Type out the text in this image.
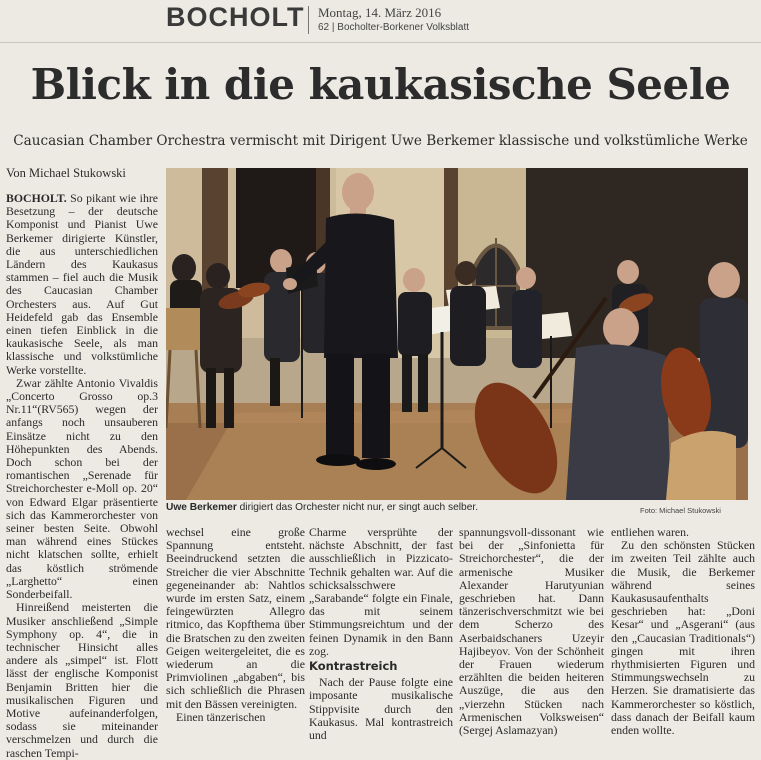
BOCHOLT Montag, 14. März 2016
62 | Bocholter-Borkener Volksblatt
Blick in die kaukasische Seele
Caucasian Chamber Orchestra vermischt mit Dirigent Uwe Berkemer klassische und volkstümliche Werke
Von Michael Stukowski

BOCHOLT. So pikant wie ihre Besetzung – der deutsche Komponist und Pianist Uwe Berkemer dirigierte Künstler, die aus unterschiedlichen Ländern des Kaukasus stammen – fiel auch die Musik des Caucasian Chamber Orchesters aus. Auf Gut Heidefeld gab das Ensemble einen tiefen Einblick in die kaukasische Seele, als man klassische und volkstümliche Werke vorstellte.

Zwar zählte Antonio Vivaldis „Concerto Grosso op.3 Nr.11“(RV565) wegen der anfangs noch unsauberen Einsätze nicht zu den Höhepunkten des Abends. Doch schon bei der romantischen „Serenade für Streichorchester e-Moll op. 20“ von Edward Elgar präsentierte sich das Kammerorchester von seiner besten Seite. Obwohl man während eines Stückes nicht klatschen sollte, erhielt das köstlich strömende „Larghetto“ einen Sonderbeifall.

Hinreißend meisterten die Musiker anschließend „Simple Symphony op. 4“, die in technischer Hinsicht alles andere als „simpel“ ist. Flott lässt der englische Komponist Benjamin Britten hier die musikalischen Figuren und Motive aufeinanderfolgen, sodass sie miteinander verschmelzen und durch die raschen Tempi-

Uwe Berkemer dirigiert das Orchester nicht nur, er singt auch selber.	Foto: Michael Stukowski

wechsel eine große Spannung entsteht. Beeindruckend setzten die Streicher die vier Abschnitte gegeneinander ab: Nahtlos wurde im ersten Satz, einem feingewürzten Allegro ritmico, das Kopfthema über die Bratschen zu den zweiten Geigen weitergeleitet, die es wiederum an die Primviolinen „abgaben“, bis sich schließlich die Phrasen mit den Bässen vereinigten.

Einen tänzerischen

Charme versprühte der nächste Abschnitt, der fast ausschließlich in Pizzicato-Technik gehalten war. Auf die schicksalsschwere „Sarabande“ folgte ein Finale, das mit seinem Stimmungsreichtum und der feinen Dynamik in den Bann zog.

Kontrastreich

Nach der Pause folgte eine imposante musikalische Stippvisite durch den Kaukasus. Mal kontrastreich und

spannungsvoll-dissonant wie bei der „Sinfonietta für Streichorchester“, die der armenische Musiker Alexander Harutyunian geschrieben hat. Dann tänzerischverschmitzt wie bei dem Scherzo des Aserbaidschaners Uzeyir Hajibeyov. Von der Schönheit der Frauen wiederum erzählten die beiden heiteren Auszüge, die aus den „vierzehn Stücken nach Armenischen Volksweisen“ (Sergej Aslamazyan)

entliehen waren.

Zu den schönsten Stücken im zweiten Teil zählte auch die Musik, die Berkemer während seines Kaukasusaufenthalts geschrieben hat: „Doni Kesar“ und „Asgerani“ (aus den „Caucasian Traditionals“) gingen mit ihren rhythmisierten Figuren und Stimmungswechseln zu Herzen. Sie dramatisierte das Kammerorchester so köstlich, dass danach der Beifall kaum enden wollte.
